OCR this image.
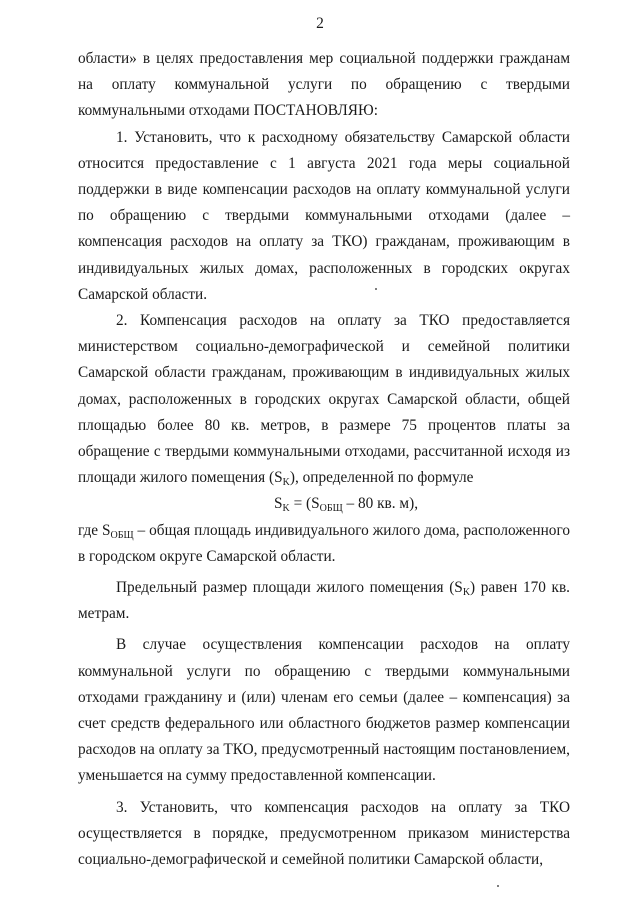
2

области» в целях предоставления мер социальной поддержки гражданам на оплату коммунальной услуги по обращению с твердыми коммунальными отходами ПОСТАНОВЛЯЮ:

1. Установить, что к расходному обязательству Самарской области относится предоставление с 1 августа 2021 года меры социальной поддержки в виде компенсации расходов на оплату коммунальной услуги по обращению с твердыми коммунальными отходами (далее – компенсация расходов на оплату за ТКО) гражданам, проживающим в индивидуальных жилых домах, расположенных в городских округах Самарской области.

2. Компенсация расходов на оплату за ТКО предоставляется министерством социально-демографической и семейной политики Самарской области гражданам, проживающим в индивидуальных жилых домах, расположенных в городских округах Самарской области, общей площадью более 80 кв. метров, в размере 75 процентов платы за обращение с твердыми коммунальными отходами, рассчитанной исходя из площади жилого помещения $(S_K)$, определенной по формуле

$S_K = (S_{ОБЩ} - 80$ кв. м),

где $S_{ОБЩ}$ – общая площадь индивидуального жилого дома, расположенного в городском округе Самарской области.

Предельный размер площади жилого помещения $(S_K)$ равен 170 кв. метрам.

В случае осуществления компенсации расходов на оплату коммунальной услуги по обращению с твердыми коммунальными отходами гражданину и (или) членам его семьи (далее – компенсация) за счет средств федерального или областного бюджетов размер компенсации расходов на оплату за ТКО, предусмотренный настоящим постановлением, уменьшается на сумму предоставленной компенсации.

3. Установить, что компенсация расходов на оплату за ТКО осуществляется в порядке, предусмотренном приказом министерства социально-демографической и семейной политики Самарской области,
